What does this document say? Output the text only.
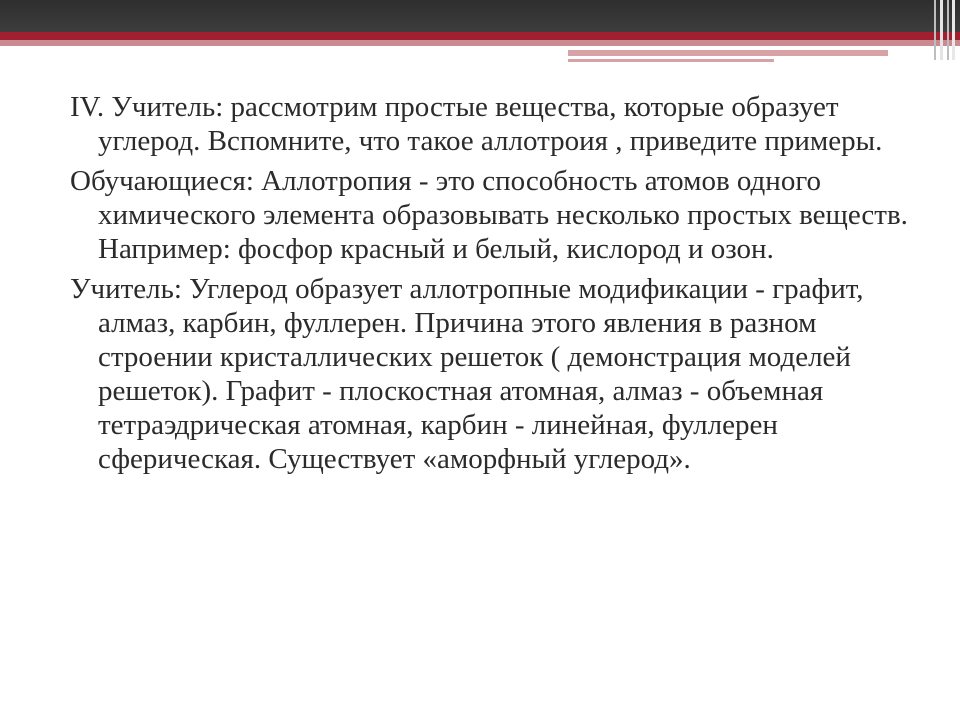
IV. Учитель: рассмотрим простые вещества, которые образует углерод. Вспомните, что такое аллотроия , приведите примеры.

Обучающиеся: Аллотропия - это способность атомов одного химического элемента образовывать несколько простых веществ. Например: фосфор красный и белый, кислород и озон.

Учитель: Углерод образует аллотропные модификации - графит, алмаз, карбин, фуллерен. Причина этого явления в разном строении кристаллических решеток ( демонстрация моделей решеток). Графит - плоскостная атомная, алмаз - объемная тетраэдрическая атомная, карбин - линейная, фуллерен сферическая. Существует «аморфный углерод».
